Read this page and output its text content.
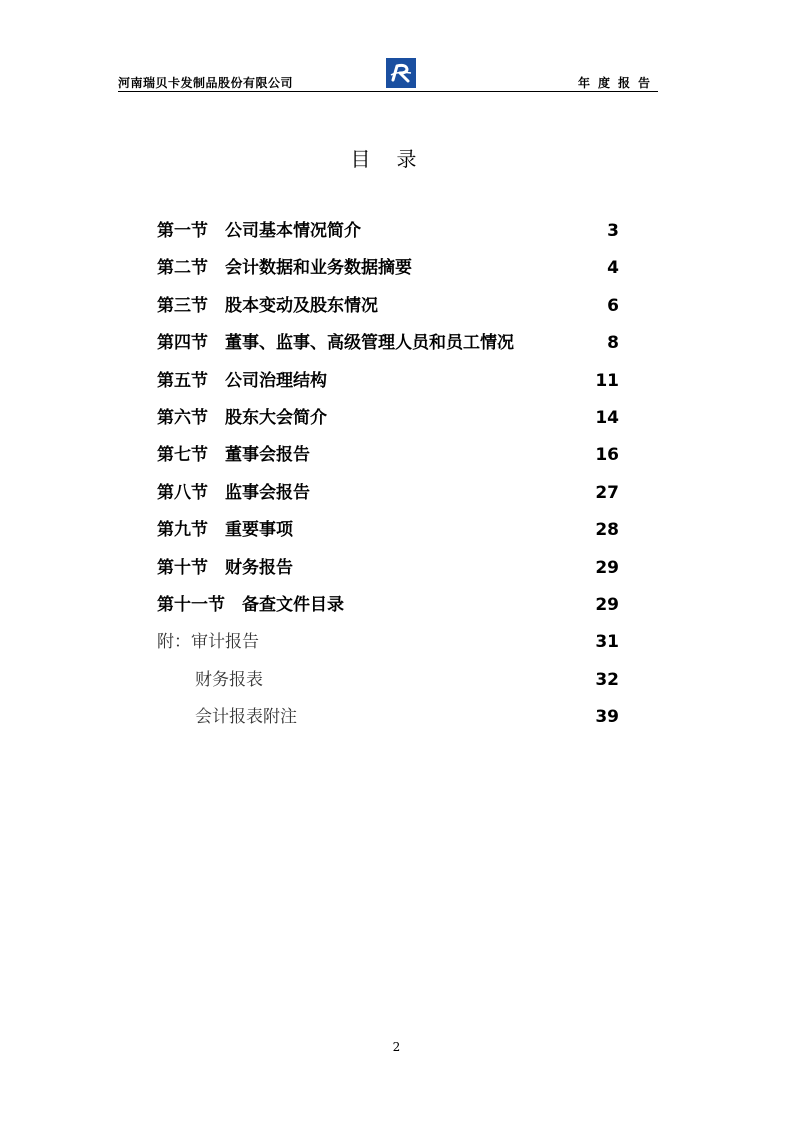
河南瑞贝卡发制品股份有限公司	年度报告
目录
第一节　公司基本情况简介	3
第二节　会计数据和业务数据摘要	4
第三节　股本变动及股东情况	6
第四节　董事、监事、高级管理人员和员工情况	8
第五节　公司治理结构	11
第六节　股东大会简介	14
第七节　董事会报告	16
第八节　监事会报告	27
第九节　重要事项	28
第十节　财务报告	29
第十一节　备查文件目录	29
附：审计报告	31
财务报表	32
会计报表附注	39
2
